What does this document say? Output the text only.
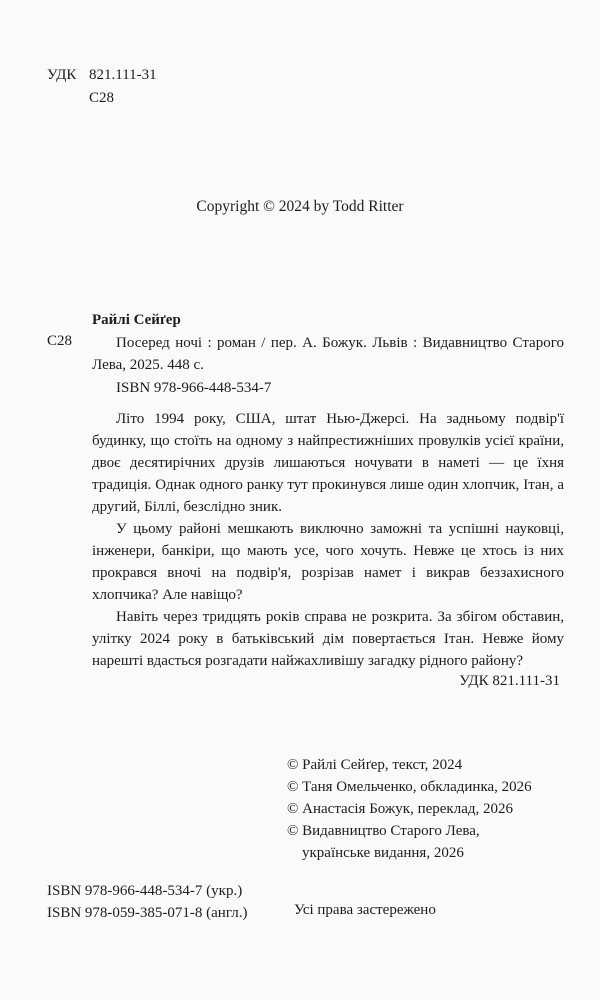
УДК 821.111-31
С28
Copyright © 2024 by Todd Ritter
Райлі Сейґер
С28	Посеред ночі : роман / пер. А. Божук. Львів : Видавництво Старого Лева, 2025. 448 с.
ISBN 978-966-448-534-7

Літо 1994 року, США, штат Нью-Джерсі. На задньому подвір'ї будинку, що стоїть на одному з найпрестижніших провулків усієї країни, двоє десятирічних друзів лишаються ночувати в наметі — це їхня традиція. Однак одного ранку тут прокинувся лише один хлопчик, Ітан, а другий, Біллі, безслідно зник.

У цьому районі мешкають виключно заможні та успішні науковці, інженери, банкіри, що мають усе, чого хочуть. Невже це хтось із них прокрався вночі на подвір'я, розрізав намет і викрав беззахисного хлопчика? Але навіщо?

Навіть через тридцять років справа не розкрита. За збігом обставин, улітку 2024 року в батьківський дім повертається Ітан. Невже йому нарешті вдасться розгадати найжахливішу загадку рідного району?

УДК 821.111-31
© Райлі Сейґер, текст, 2024
© Таня Омельченко, обкладинка, 2026
© Анастасія Божук, переклад, 2026
© Видавництво Старого Лева,
українське видання, 2026
ISBN 978-966-448-534-7 (укр.)
ISBN 978-059-385-071-8 (англ.)	Усі права застережено
